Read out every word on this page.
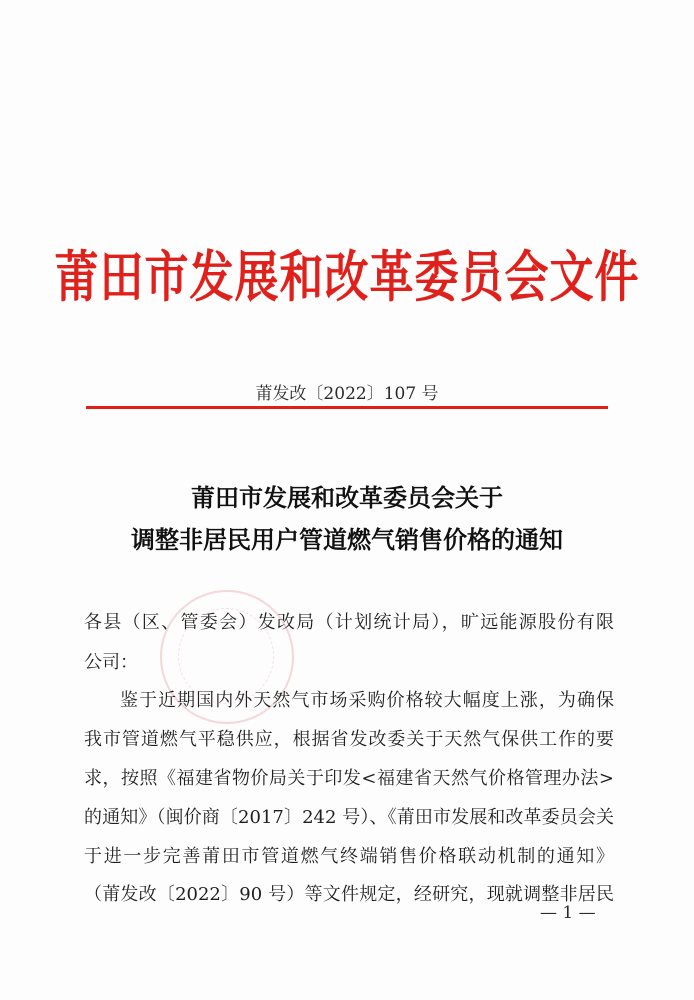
莆田市发展和改革委员会文件
莆发改〔2022〕107 号
莆田市发展和改革委员会关于
调整非居民用户管道燃气销售价格的通知
各县（区、管委会）发改局（计划统计局），旷远能源股份有限
公司：
鉴于近期国内外天然气市场采购价格较大幅度上涨，为确保
我市管道燃气平稳供应，根据省发改委关于天然气保供工作的要
求，按照《福建省物价局关于印发<福建省天然气价格管理办法>
的通知》（闽价商〔2017〕242 号）、《莆田市发展和改革委员会关
于进一步完善莆田市管道燃气终端销售价格联动机制的通知》
（莆发改〔2022〕90 号）等文件规定，经研究，现就调整非居民
— 1 —
